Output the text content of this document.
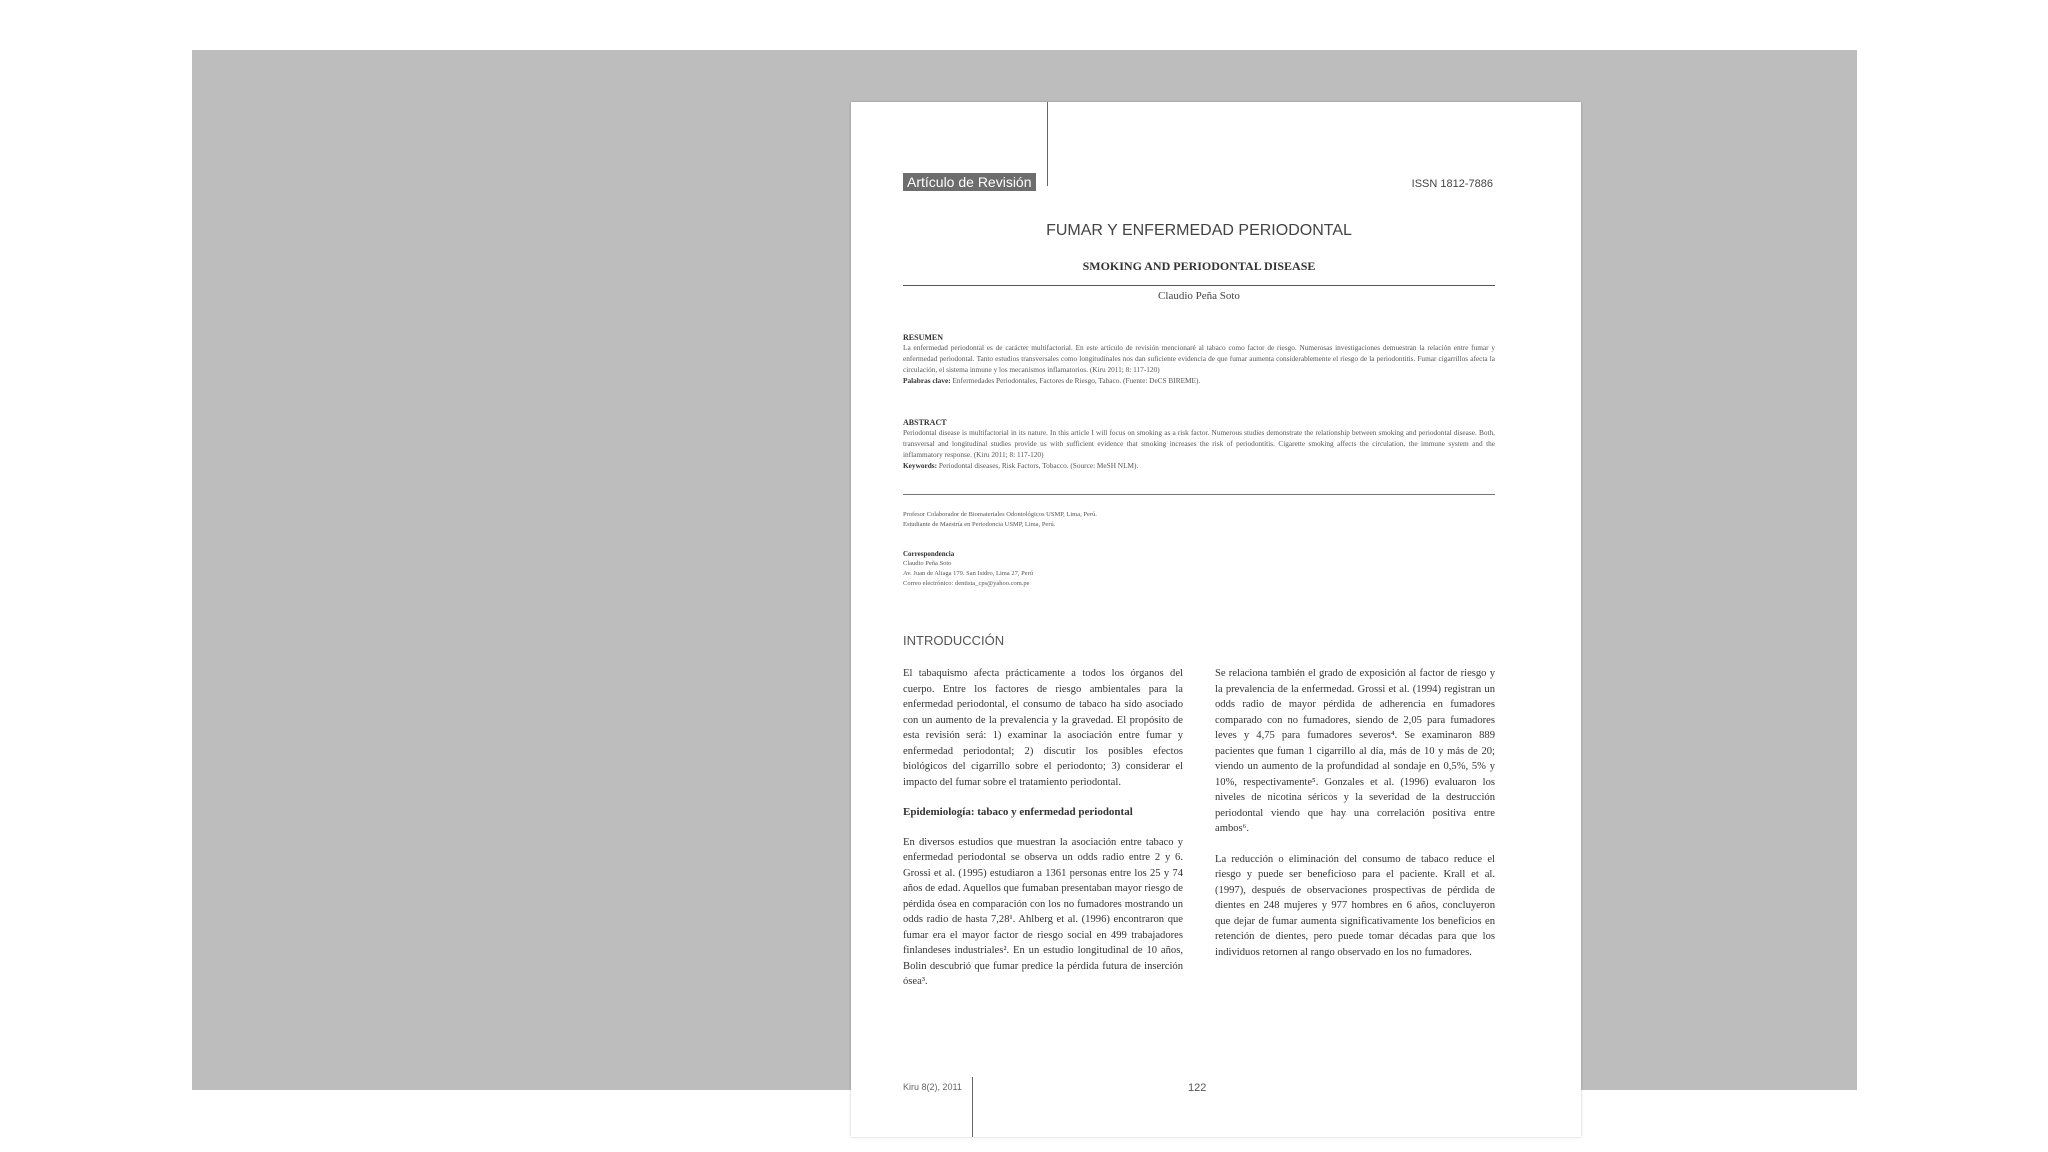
Artículo de Revisión	ISSN 1812-7886
FUMAR Y ENFERMEDAD PERIODONTAL
SMOKING AND PERIODONTAL DISEASE
Claudio Peña Soto
RESUMEN
La enfermedad periodontal es de carácter multifactorial. En este artículo de revisión mencionaré al tabaco como factor de riesgo. Numerosas investigaciones demuestran la relación entre fumar y enfermedad periodontal. Tanto estudios transversales como longitudinales nos dan suficiente evidencia de que fumar aumenta considerablemente el riesgo de la periodontitis. Fumar cigarrillos afecta la circulación, el sistema inmune y los mecanismos inflamatorios. (Kiru 2011; 8: 117-120)
Palabras clave: Enfermedades Periodontales, Factores de Riesgo, Tabaco. (Fuente: DeCS BIREME).
ABSTRACT
Periodontal disease is multifactorial in its nature. In this article I will focus on smoking as a risk factor. Numerous studies demonstrate the relationship between smoking and periodontal disease. Both, transversal and longitudinal studies provide us with sufficient evidence that smoking increases the risk of periodontitis. Cigarette smoking affects the circulation, the immune system and the inflammatory response. (Kiru 2011; 8: 117-120)
Keywords: Periodontal diseases, Risk Factors, Tobacco. (Source: MeSH NLM).
Profesor Colaborador de Biomateriales Odontológicos USMP, Lima, Perú.
Estudiante de Maestría en Periodoncia USMP, Lima, Perú.
Correspondencia
Claudio Peña Soto
Av. Juan de Aliaga 179. San Isidro, Lima 27, Perú
Correo electrónico: dentista_cps@yahoo.com.pe
INTRODUCCIÓN

El tabaquismo afecta prácticamente a todos los órganos del cuerpo. Entre los factores de riesgo ambientales para la enfermedad periodontal, el consumo de tabaco ha sido asociado con un aumento de la prevalencia y la gravedad. El propósito de esta revisión será: 1) examinar la asociación entre fumar y enfermedad periodontal; 2) discutir los posibles efectos biológicos del cigarrillo sobre el periodonto; 3) considerar el impacto del fumar sobre el tratamiento periodontal.

Epidemiología: tabaco y enfermedad periodontal

En diversos estudios que muestran la asociación entre tabaco y enfermedad periodontal se observa un odds radio entre 2 y 6. Grossi et al. (1995) estudiaron a 1361 personas entre los 25 y 74 años de edad. Aquellos que fumaban presentaban mayor riesgo de pérdida ósea en comparación con los no fumadores mostrando un odds radio de hasta 7,28¹. Ahlberg et al. (1996) encontraron que fumar era el mayor factor de riesgo social en 499 trabajadores finlandeses industriales². En un estudio longitudinal de 10 años, Bolin descubrió que fumar predice la pérdida futura de inserción ósea³.

Se relaciona también el grado de exposición al factor de riesgo y la prevalencia de la enfermedad. Grossi et al. (1994) registran un odds radio de mayor pérdida de adherencia en fumadores comparado con no fumadores, siendo de 2,05 para fumadores leves y 4,75 para fumadores severos⁴. Se examinaron 889 pacientes que fuman 1 cigarrillo al día, más de 10 y más de 20; viendo un aumento de la profundidad al sondaje en 0,5%, 5% y 10%, respectivamente⁵. Gonzales et al. (1996) evaluaron los niveles de nicotina séricos y la severidad de la destrucción periodontal viendo que hay una correlación positiva entre ambos⁶.

La reducción o eliminación del consumo de tabaco reduce el riesgo y puede ser beneficioso para el paciente. Krall et al. (1997), después de observaciones prospectivas de pérdida de dientes en 248 mujeres y 977 hombres en 6 años, concluyeron que dejar de fumar aumenta significativamente los beneficios en retención de dientes, pero puede tomar décadas para que los individuos retornen al rango observado en los no fumadores.

Kiru 8(2), 2011	122
